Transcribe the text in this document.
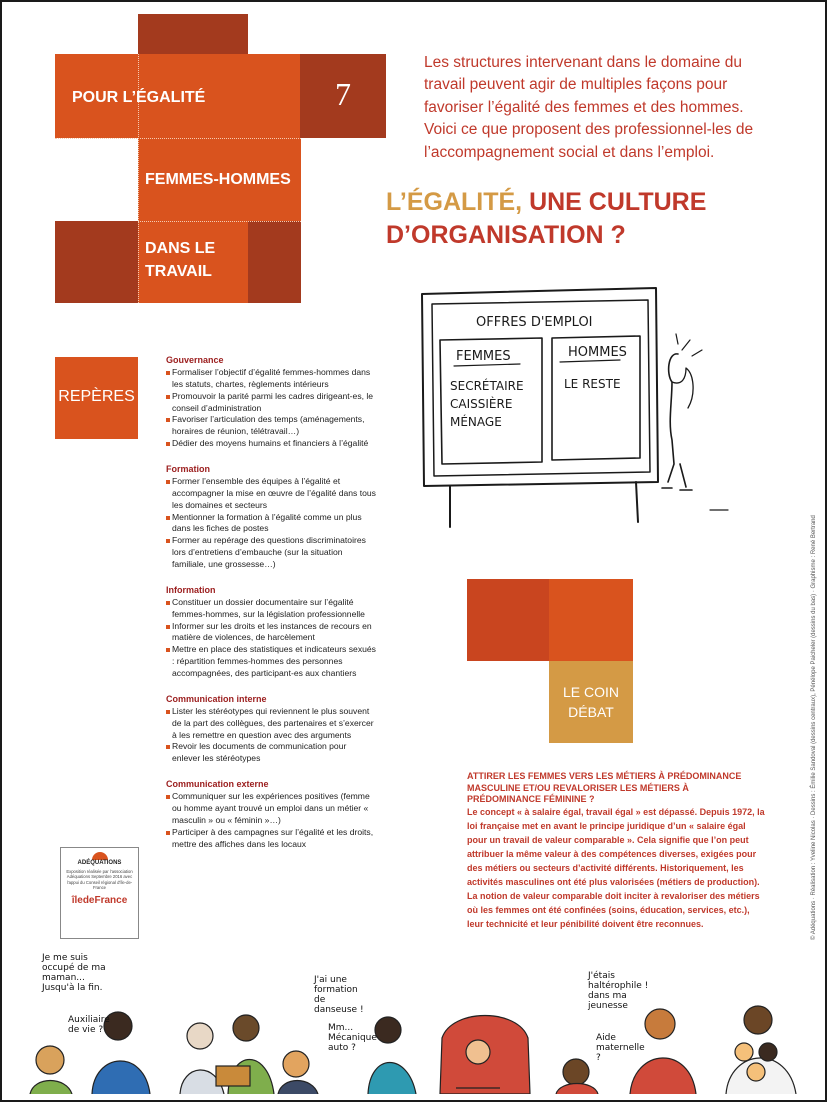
POUR L’ÉGALITÉ
FEMMES-HOMMES
DANS LE
TRAVAIL
7
Les structures intervenant dans le domaine du travail peuvent agir de multiples façons pour favoriser l’égalité des femmes et des hommes. Voici ce que proposent des professionnel-les de l’accompagnement social et dans l’emploi.
L’ÉGALITÉ, UNE CULTURE
D’ORGANISATION ?
OFFRES D'EMPLOI
FEMMES	HOMMES
SECRÉTAIRE
CAISSIÈRE
MÉNAGE
LE RESTE
REPÈRES
Gouvernance
Formaliser l’objectif d’égalité femmes-hommes dans les statuts, chartes, règlements intérieurs
Promouvoir la parité parmi les cadres dirigeant-es, le conseil d’administration
Favoriser l’articulation des temps (aménagements, horaires de réunion, télétravail…)
Dédier des moyens humains et financiers à l’égalité
Formation
Former l’ensemble des équipes à l’égalité et accompagner la mise en œuvre de l’égalité dans tous les domaines et secteurs
Mentionner la formation à l’égalité comme un plus dans les fiches de postes
Former au repérage des questions discriminatoires lors d’entretiens d’embauche (sur la situation familiale, une grossesse…)
Information
Constituer un dossier documentaire sur l’égalité femmes-hommes, sur la législation professionnelle
Informer sur les droits et les instances de recours en matière de violences, de harcèlement
Mettre en place des statistiques et indicateurs sexués : répartition femmes-hommes des personnes accompagnées, des participant-es aux chantiers
Communication interne
Lister les stéréotypes qui reviennent le plus souvent de la part des collègues, des partenaires et s’exercer à les remettre en question avec des arguments
Revoir les documents de communication pour enlever les stéréotypes
Communication externe
Communiquer sur les expériences positives (femme ou homme ayant trouvé un emploi dans un métier « masculin » ou « féminin »…)
Participer à des campagnes sur l’égalité et les droits, mettre des affiches dans les locaux
LE COIN
DÉBAT
ATTIRER LES FEMMES VERS LES MÉTIERS À PRÉDOMINANCE MASCULINE ET/OU REVALORISER LES MÉTIERS À PRÉDOMINANCE FÉMININE ?
Le concept « à salaire égal, travail égal » est dépassé. Depuis 1972, la loi française met en avant le principe juridique d’un « salaire égal pour un travail de valeur comparable ». Cela signifie que l’on peut attribuer la même valeur à des compétences diverses, exigées pour des métiers ou secteurs d’activité différents. Historiquement, les activités masculines ont été plus valorisées (métiers de production). La notion de valeur comparable doit inciter à revaloriser des métiers où les femmes ont été confinées (soins, éducation, services, etc.), leur technicité et leur pénibilité doivent être reconnues.
ADÉQUATIONS
Exposition réalisée par l’association Adéquations Septembre 2016 avec l’appui du Conseil régional d’Île-de-France
îledeFrance	© Adéquations · Réalisation : Yveline Nicolas · Dessins : Émilie Sandoval (dessins centraux), Pénélope Paicheler (dessins du bas) · Graphisme : René Bertrand
Je me suis occupé de ma maman... Jusqu'à la fin.
Auxiliaire de vie ?
J'ai une formation de danseuse !
Mm... Mécanique auto ?
J'étais haltérophile ! dans ma jeunesse
Aide maternelle ?
